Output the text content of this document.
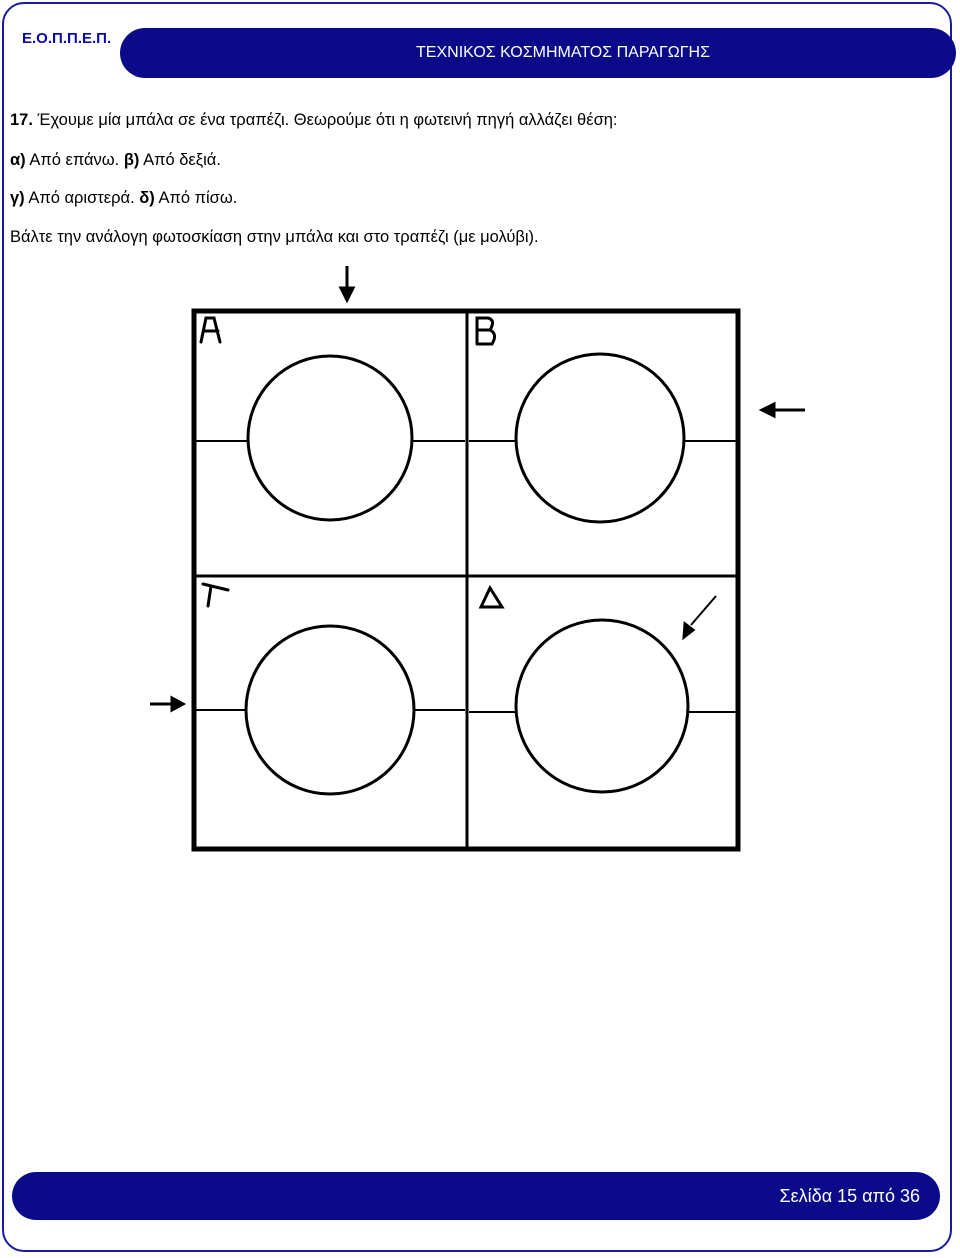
Ε.Ο.Π.Π.Ε.Π.
ΤΕΧΝΙΚΟΣ ΚΟΣΜΗΜΑΤΟΣ ΠΑΡΑΓΩΓΗΣ
17. Έχουμε μία μπάλα σε ένα τραπέζι. Θεωρούμε ότι η φωτεινή πηγή αλλάζει θέση:
α) Από επάνω. β) Από δεξιά.
γ) Από αριστερά. δ) Από πίσω.
Βάλτε την ανάλογη φωτοσκίαση στην μπάλα και στο τραπέζι (με μολύβι).
Σελίδα 15 από 36
